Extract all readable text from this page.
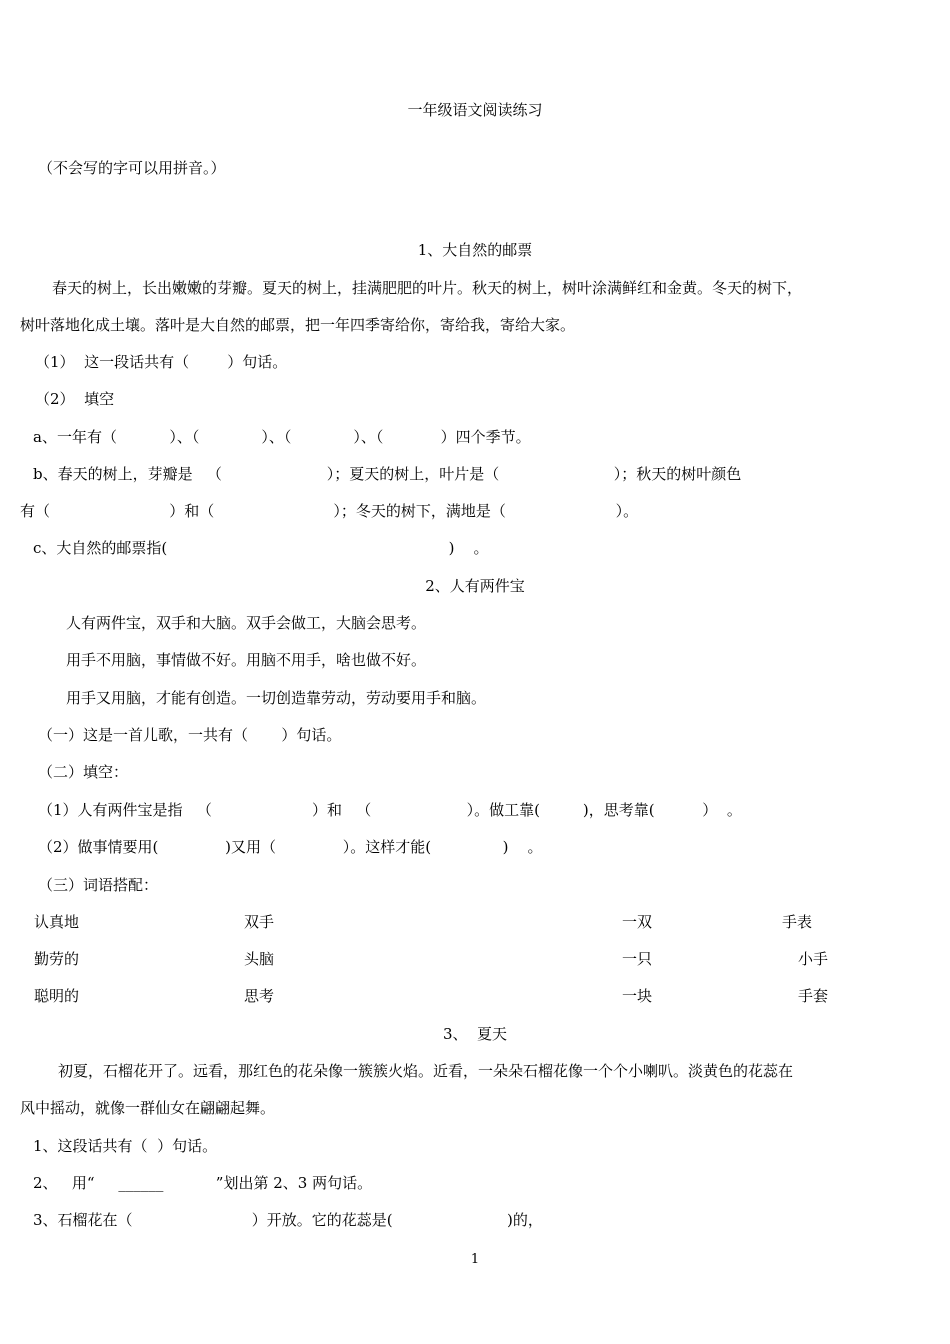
一年级语文阅读练习
（不会写的字可以用拼音。）
1、大自然的邮票
春天的树上，长出嫩嫩的芽瓣。夏天的树上，挂满肥肥的叶片。秋天的树上，树叶涂满鲜红和金黄。冬天的树下，
树叶落地化成土壤。落叶是大自然的邮票，把一年四季寄给你，寄给我，寄给大家。
（1）  这一段话共有（        ）句话。
（2）  填空
a、一年有（           ）、（             ）、（             ）、（            ）四个季节。
b、春天的树上，芽瓣是   （                      ）；夏天的树上，叶片是（                        ）；秋天的树叶颜色
有（                         ）和（                         ）；冬天的树下，满地是（                       ）。
c、大自然的邮票指(                                                           )    。
2、人有两件宝
人有两件宝，双手和大脑。双手会做工，大脑会思考。
用手不用脑，事情做不好。用脑不用手，啥也做不好。
用手又用脑，才能有创造。一切创造靠劳动，劳动要用手和脑。
（一）这是一首儿歌，一共有（       ）句话。
（二）填空：
（1）人有两件宝是指   （                     ）和   （                    ）。做工靠(         )，思考靠(          ）  。
（2）做事情要用(              )又用（              ）。这样才能(               )    。
（三）词语搭配：
认真地	双手	一双	手表
勤劳的	头脑	一只	小手
聪明的	思考	一块	手套
3、  夏天
初夏，石榴花开了。远看，那红色的花朵像一簇簇火焰。近看，一朵朵石榴花像一个个小喇叭。淡黄色的花蕊在
风中摇动，就像一群仙女在翩翩起舞。
1、这段话共有（  ）句话。
2、   用“     ______           ”划出第 2、3 两句话。
3、石榴花在（                         ）开放。它的花蕊是(                        )的，
1
